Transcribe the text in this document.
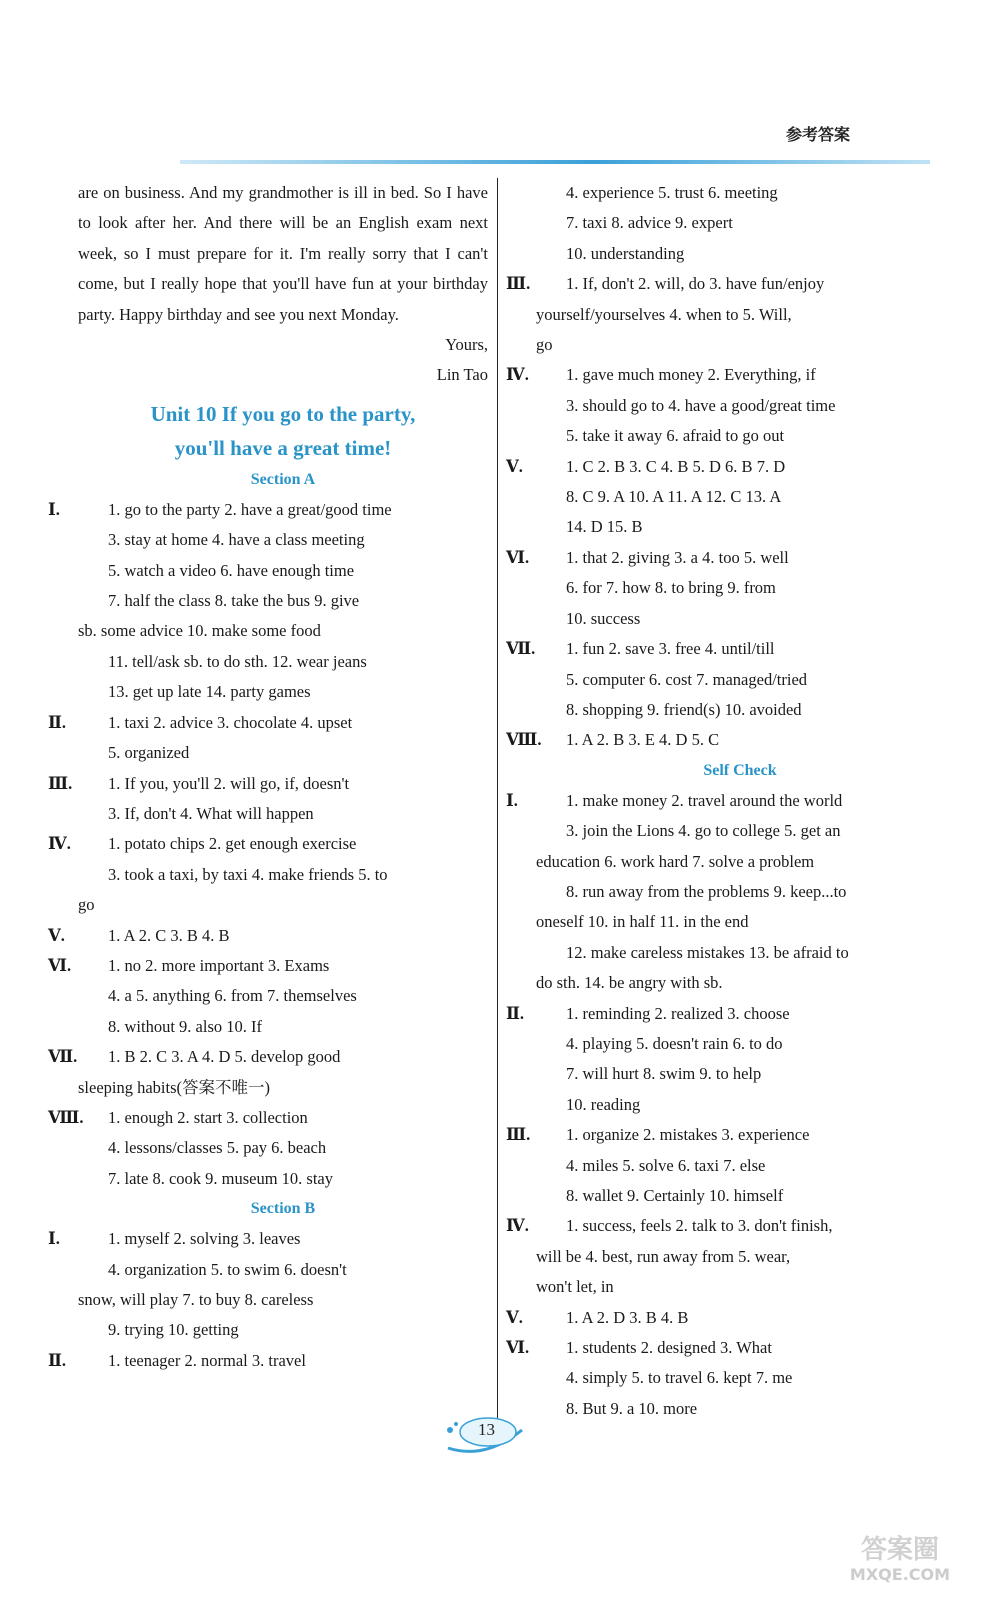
参考答案
are on business. And my grandmother is ill in bed. So I have to look after her. And there will be an English exam next week, so I must prepare for it. I'm really sorry that I can't come, but I really hope that you'll have fun at your birthday party. Happy birthday and see you next Monday.
Yours,
Lin Tao
Unit 10 If you go to the party,
you'll have a great time!
Section A
Ⅰ.	1. go to the party 2. have a great/good time
3. stay at home 4. have a class meeting
5. watch a video 6. have enough time
7. half the class 8. take the bus 9. give
sb. some advice 10. make some food
11. tell/ask sb. to do sth. 12. wear jeans
13. get up late 14. party games
Ⅱ.	1. taxi 2. advice 3. chocolate 4. upset
5. organized
Ⅲ. 1. If you, you'll 2. will go, if, doesn't
3. If, don't 4. What will happen
Ⅳ. 1. potato chips 2. get enough exercise
3. took a taxi, by taxi 4. make friends 5. to
go
Ⅴ.	1. A 2. C 3. B 4. B
Ⅵ. 1. no 2. more important 3. Exams
4. a 5. anything 6. from 7. themselves
8. without 9. also 10. If
Ⅶ. 1. B 2. C 3. A 4. D 5. develop good
sleeping habits(答案不唯一)
Ⅷ. 1. enough 2. start 3. collection
4. lessons/classes 5. pay 6. beach
7. late 8. cook 9. museum 10. stay
Section B
Ⅰ.	1. myself 2. solving 3. leaves
4. organization 5. to swim 6. doesn't
snow, will play 7. to buy 8. careless
9. trying 10. getting
Ⅱ.	1. teenager 2. normal 3. travel
4. experience 5. trust 6. meeting
7. taxi 8. advice 9. expert
10. understanding
Ⅲ. 1. If, don't 2. will, do 3. have fun/enjoy
yourself/yourselves 4. when to 5. Will,
go
Ⅳ. 1. gave much money 2. Everything, if
3. should go to 4. have a good/great time
5. take it away 6. afraid to go out
Ⅴ.	1. C 2. B 3. C 4. B 5. D 6. B 7. D
8. C 9. A 10. A 11. A 12. C 13. A
14. D 15. B
Ⅵ. 1. that 2. giving 3. a 4. too 5. well
6. for 7. how 8. to bring 9. from
10. success
Ⅶ. 1. fun 2. save 3. free 4. until/till
5. computer 6. cost 7. managed/tried
8. shopping 9. friend(s) 10. avoided
Ⅷ. 1. A 2. B 3. E 4. D 5. C
Self Check
Ⅰ.	1. make money 2. travel around the world
3. join the Lions 4. go to college 5. get an
education 6. work hard 7. solve a problem
8. run away from the problems 9. keep...to
oneself 10. in half 11. in the end
12. make careless mistakes 13. be afraid to
do sth. 14. be angry with sb.
Ⅱ.	1. reminding 2. realized 3. choose
4. playing 5. doesn't rain 6. to do
7. will hurt 8. swim 9. to help
10. reading
Ⅲ. 1. organize 2. mistakes 3. experience
4. miles 5. solve 6. taxi 7. else
8. wallet 9. Certainly 10. himself
Ⅳ. 1. success, feels 2. talk to 3. don't finish,
will be 4. best, run away from 5. wear,
won't let, in
Ⅴ.	1. A 2. D 3. B 4. B
Ⅵ. 1. students 2. designed 3. What
4. simply 5. to travel 6. kept 7. me
8. But 9. a 10. more
13
答案圈
MXQE.COM
